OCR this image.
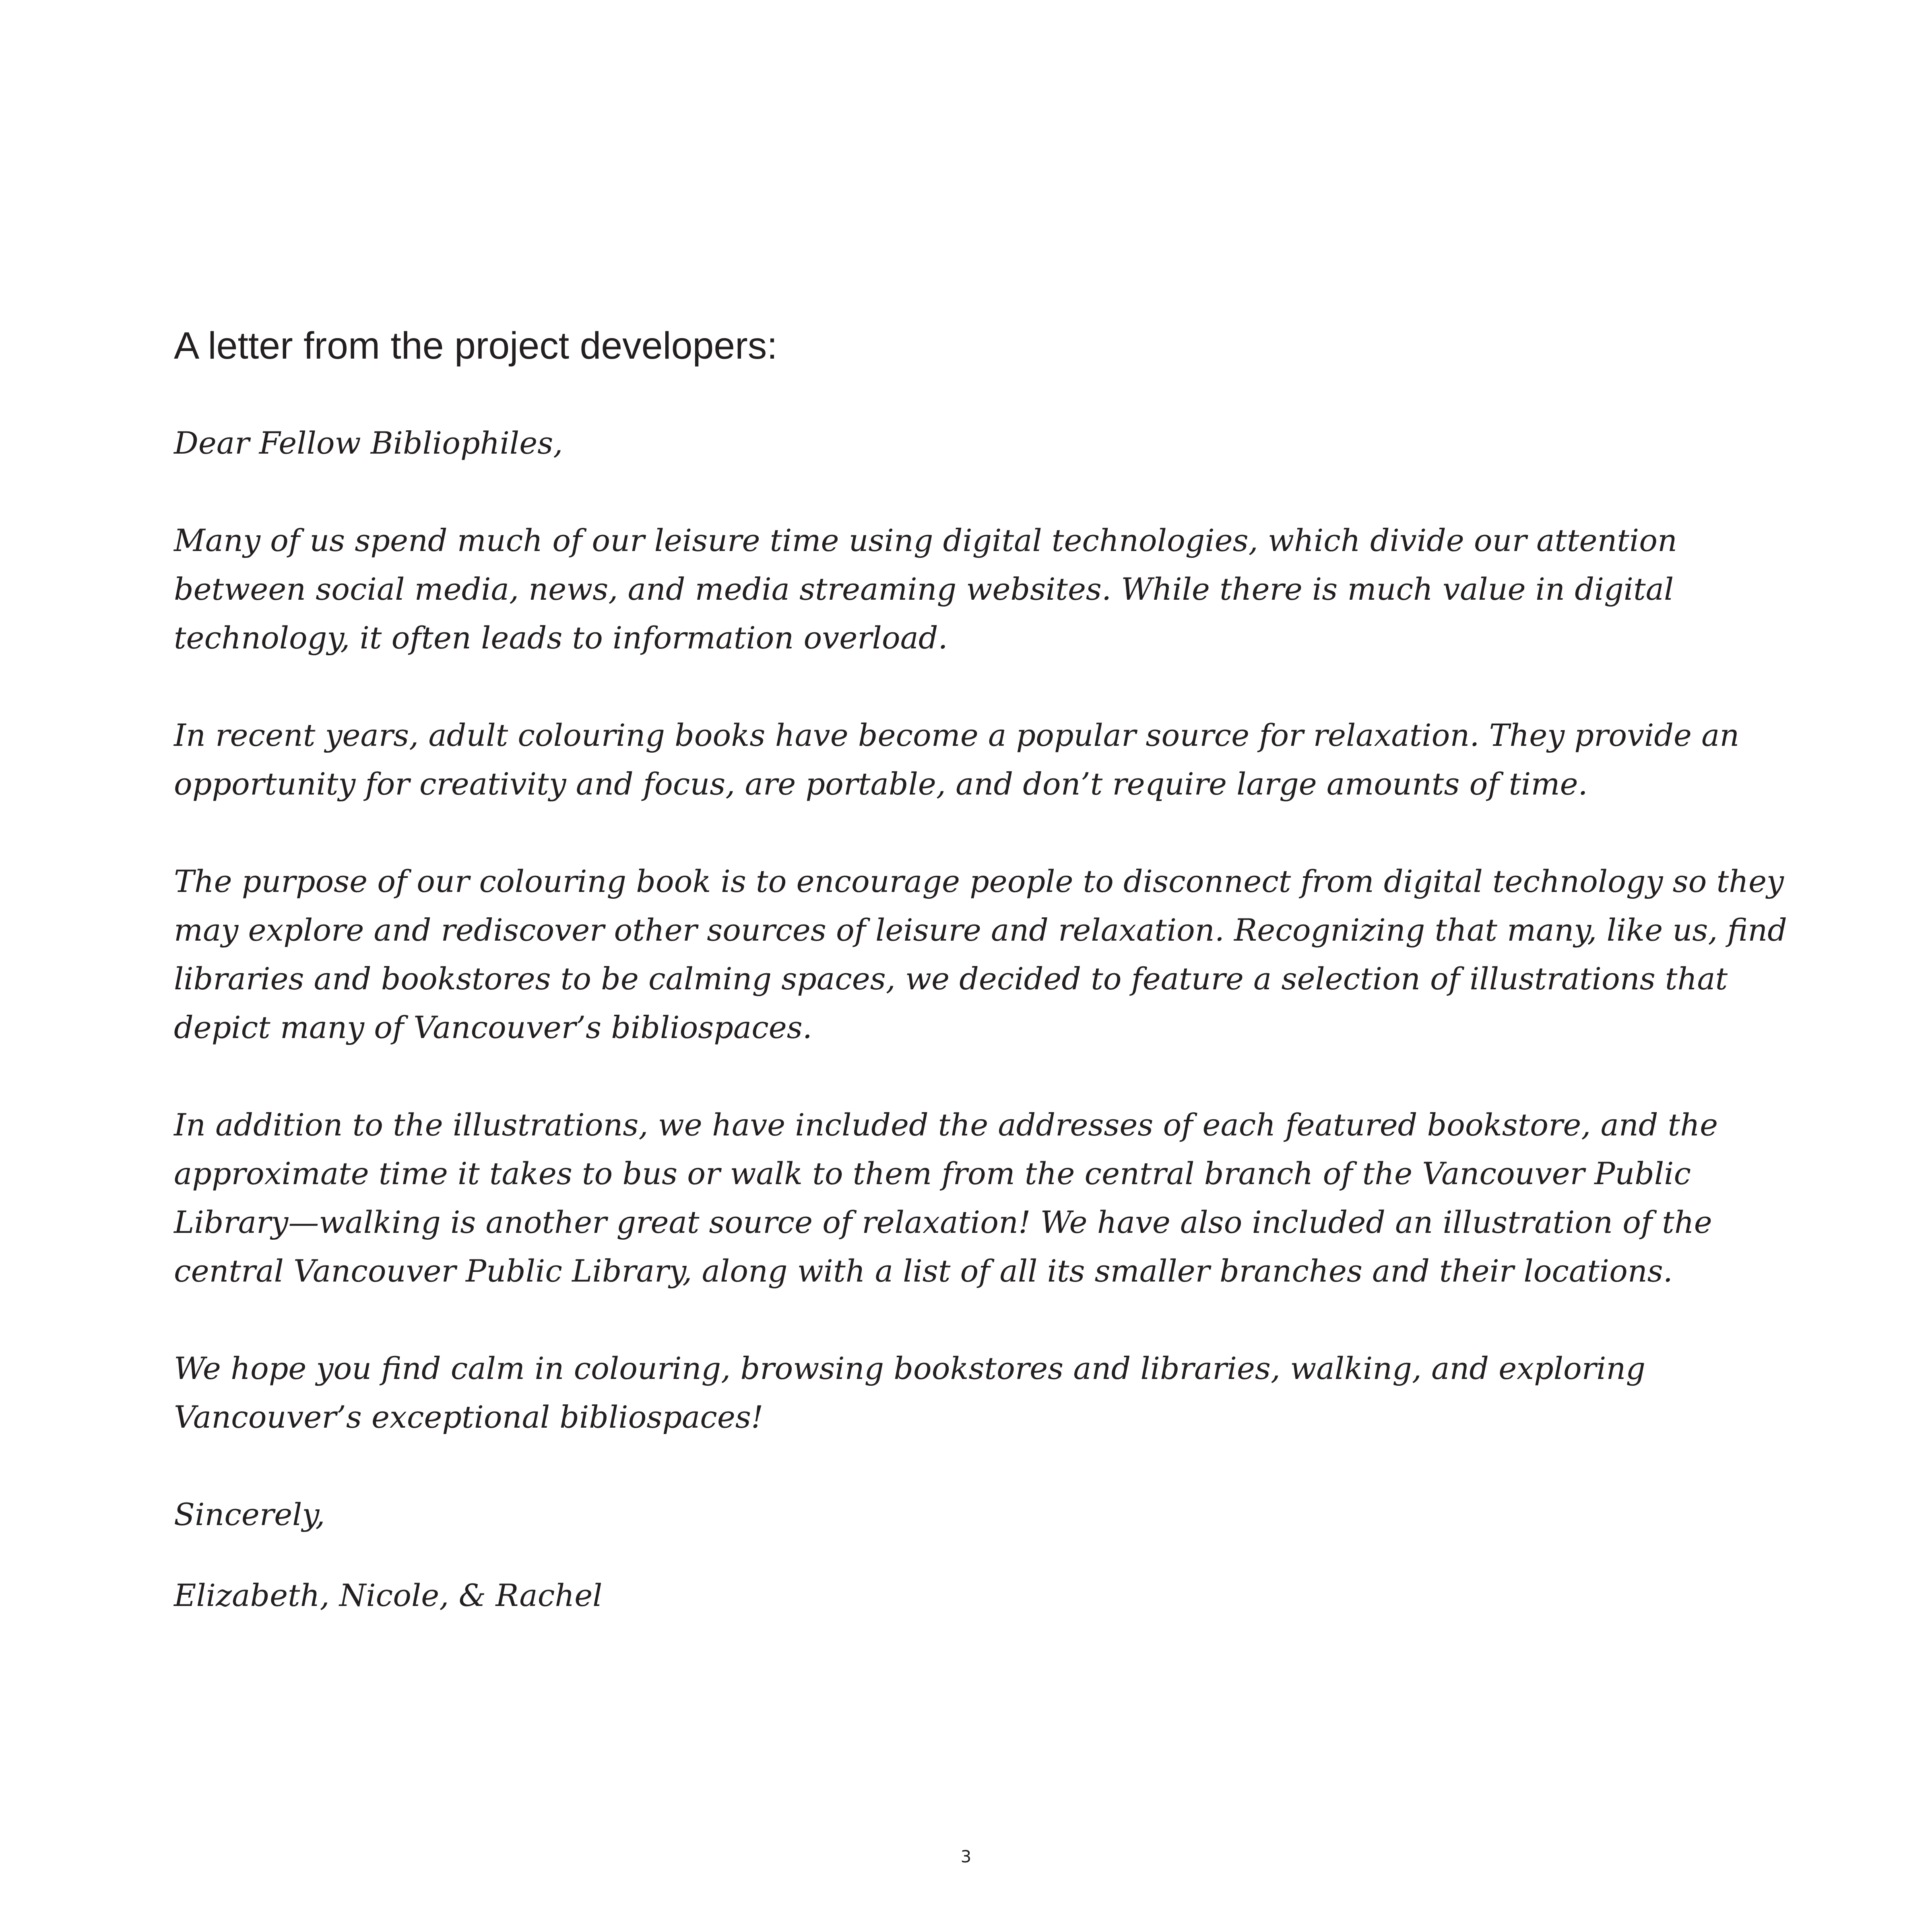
A letter from the project developers:

Dear Fellow Bibliophiles,

Many of us spend much of our leisure time using digital technologies, which divide our attention between social media, news, and media streaming websites. While there is much value in digital technology, it often leads to information overload.

In recent years, adult colouring books have become a popular source for relaxation. They provide an opportunity for creativity and focus, are portable, and don’t require large amounts of time.

The purpose of our colouring book is to encourage people to disconnect from digital technology so they may explore and rediscover other sources of leisure and relaxation. Recognizing that many, like us, find libraries and bookstores to be calming spaces, we decided to feature a selection of illustrations that depict many of Vancouver’s bibliospaces.

In addition to the illustrations, we have included the addresses of each featured bookstore, and the approximate time it takes to bus or walk to them from the central branch of the Vancouver Public Library—walking is another great source of relaxation! We have also included an illustration of the central Vancouver Public Library, along with a list of all its smaller branches and their locations.

We hope you find calm in colouring, browsing bookstores and libraries, walking, and exploring Vancouver’s exceptional bibliospaces!

Sincerely,

Elizabeth, Nicole, & Rachel

3
